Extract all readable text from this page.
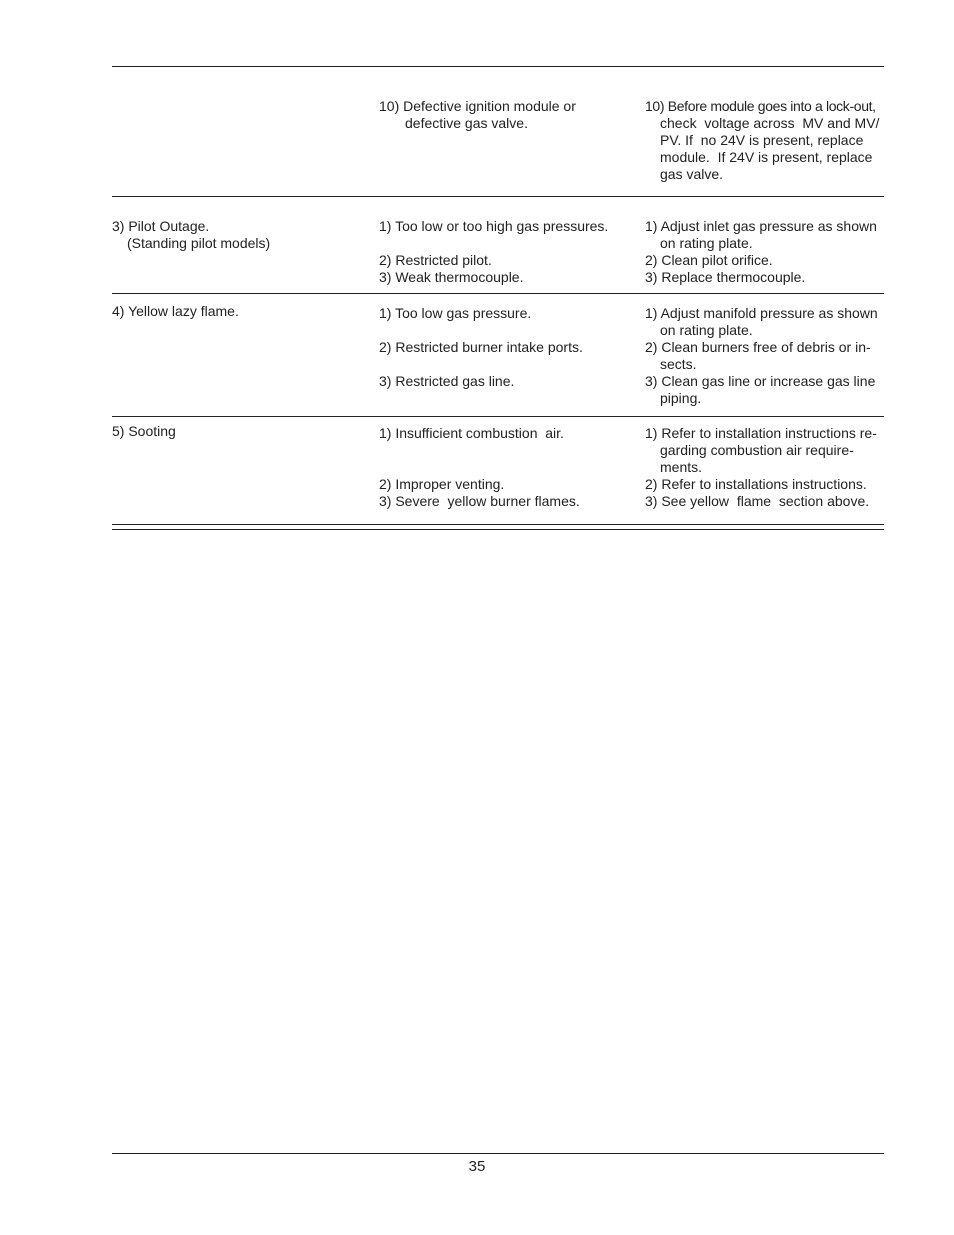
10) Defective ignition module or
defective gas valve.
10) Before module goes into a lock-out,
check  voltage across  MV and MV/
PV. If  no 24V is present, replace
module.  If 24V is present, replace
gas valve.
3) Pilot Outage.
(Standing pilot models)
1) Too low or too high gas pressures.
2) Restricted pilot.
3) Weak thermocouple.
1) Adjust inlet gas pressure as shown
on rating plate.
2) Clean pilot orifice.
3) Replace thermocouple.
4) Yellow lazy flame.	1) Too low gas pressure.
2) Restricted burner intake ports.
3) Restricted gas line.
1) Adjust manifold pressure as shown
on rating plate.
2) Clean burners free of debris or in-
sects.
3) Clean gas line or increase gas line
piping.
5) Sooting	1) Insufficient combustion  air.
2) Improper venting.
3) Severe  yellow burner flames.
1) Refer to installation instructions re-
garding combustion air require-
ments.
2) Refer to installations instructions.
3) See yellow  flame  section above.
35
